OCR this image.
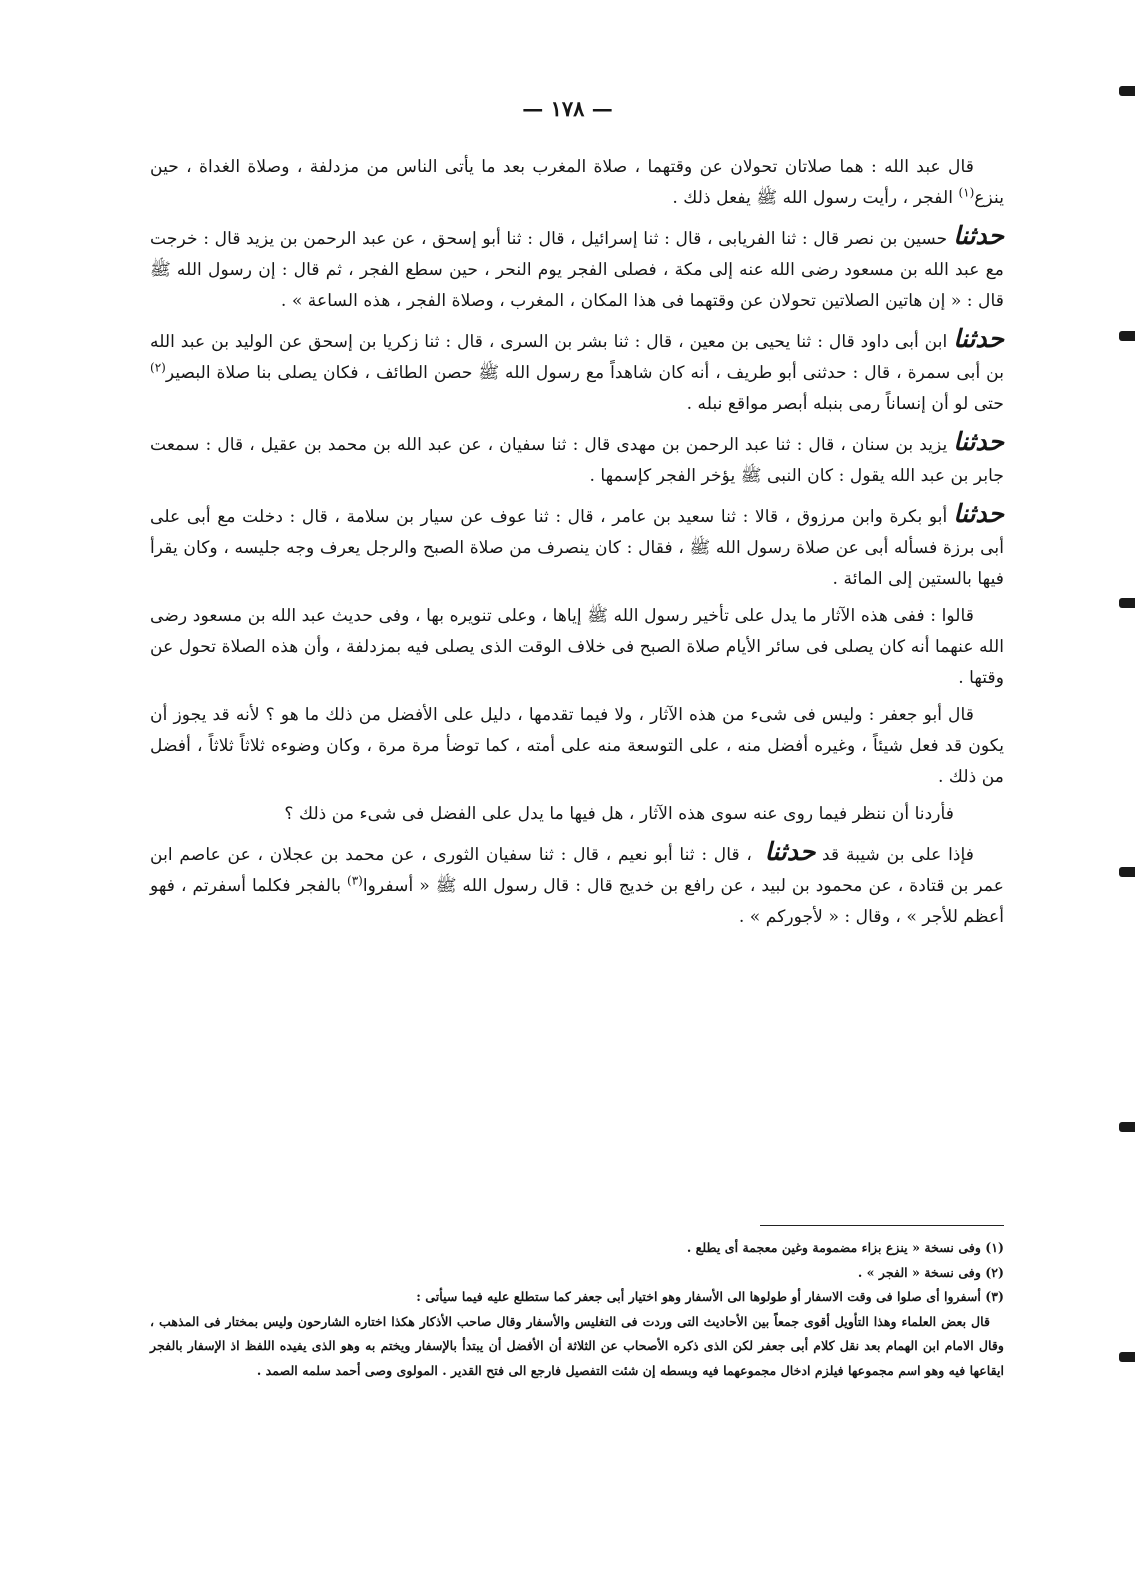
— ١٧٨ —

قال عبد الله : هما صلاتان تحولان عن وقتهما ، صلاة المغرب بعد ما يأتى الناس من مزدلفة ، وصلاة الغداة ، حين ينزع$^{(١)}$ الفجر ، رأيت رسول الله ﷺ يفعل ذلك .

حدثناحسين بن نصر قال : ثنا الفريابى ، قال : ثنا إسرائيل ، قال : ثنا أبو إسحق ، عن عبد الرحمن بن يزيد قال : خرجت مع عبد الله بن مسعود رضى الله عنه إلى مكة ، فصلى الفجر يوم النحر ، حين سطع الفجر ، ثم قال : إن رسول الله ﷺ قال : « إن هاتين الصلاتين تحولان عن وقتهما فى هذا المكان ، المغرب ، وصلاة الفجر ، هذه الساعة » .

حدثناابن أبى داود قال : ثنا يحيى بن معين ، قال : ثنا بشر بن السرى ، قال : ثنا زكريا بن إسحق عن الوليد بن عبد الله بن أبى سمرة ، قال : حدثنى أبو طريف ، أنه كان شاهداً مع رسول الله ﷺ حصن الطائف ، فكان يصلى بنا صلاة البصير$^{(٢)}$ حتى لو أن إنساناً رمى بنبله أبصر مواقع نبله .

حدثنايزيد بن سنان ، قال : ثنا عبد الرحمن بن مهدى قال : ثنا سفيان ، عن عبد الله بن محمد بن عقيل ، قال : سمعت جابر بن عبد الله يقول : كان النبى ﷺ يؤخر الفجر كإسمها .

حدثناأبو بكرة وابن مرزوق ، قالا : ثنا سعيد بن عامر ، قال : ثنا عوف عن سيار بن سلامة ، قال : دخلت مع أبى على أبى برزة فسأله أبى عن صلاة رسول الله ﷺ ، فقال : كان ينصرف من صلاة الصبح والرجل يعرف وجه جليسه ، وكان يقرأ فيها بالستين إلى المائة .

قالوا : ففى هذه الآثار ما يدل على تأخير رسول الله ﷺ إياها ، وعلى تنويره بها ، وفى حديث عبد الله بن مسعود رضى الله عنهما أنه كان يصلى فى سائر الأيام صلاة الصبح فى خلاف الوقت الذى يصلى فيه بمزدلفة ، وأن هذه الصلاة تحول عن وقتها .

قال أبو جعفر : وليس فى شىء من هذه الآثار ، ولا فيما تقدمها ، دليل على الأفضل من ذلك ما هو ؟ لأنه قد يجوز أن يكون قد فعل شيئاً ، وغيره أفضل منه ، على التوسعة منه على أمته ، كما توضأ مرة مرة ، وكان وضوءه ثلاثاً ثلاثاً ، أفضل من ذلك .

فأردنا أن ننظر فيما روى عنه سوى هذه الآثار ، هل فيها ما يدل على الفضل فى شىء من ذلك ؟

فإذا على بن شيبة قد حدثنا ، قال : ثنا أبو نعيم ، قال : ثنا سفيان الثورى ، عن محمد بن عجلان ، عن عاصم ابن عمر بن قتادة ، عن محمود بن لبيد ، عن رافع بن خديج قال : قال رسول الله ﷺ « أسفروا$^{(٣)}$ بالفجر فكلما أسفرتم ، فهو أعظم للأجر » ، وقال : « لأجوركم » .

(١) وفى نسخة « ينزع بزاء مضمومة وغين معجمة أى يطلع .

(٢) وفى نسخة « الفجر » .

(٣) أسفروا أى صلوا فى وقت الاسفار أو طولوها الى الأسفار وهو اختيار أبى جعفر كما ستطلع عليه فيما سيأتى :

قال بعض العلماء وهذا التأويل أقوى جمعاً بين الأحاديث التى وردت فى التغليس والأسفار وقال صاحب الأذكار هكذا اختاره الشارحون وليس بمختار فى المذهب ، وقال الامام ابن الهمام بعد نقل كلام أبى جعفر لكن الذى ذكره الأصحاب عن الثلاثة أن الأفضل أن يبتدأ بالإسفار ويختم به وهو الذى يفيده اللفظ اذ الإسفار بالفجر ايقاعها فيه وهو اسم مجموعها فيلزم ادخال مجموعهما فيه وبسطه إن شئت التفصيل فارجع الى فتح القدير . المولوى وصى أحمد سلمه الصمد .
